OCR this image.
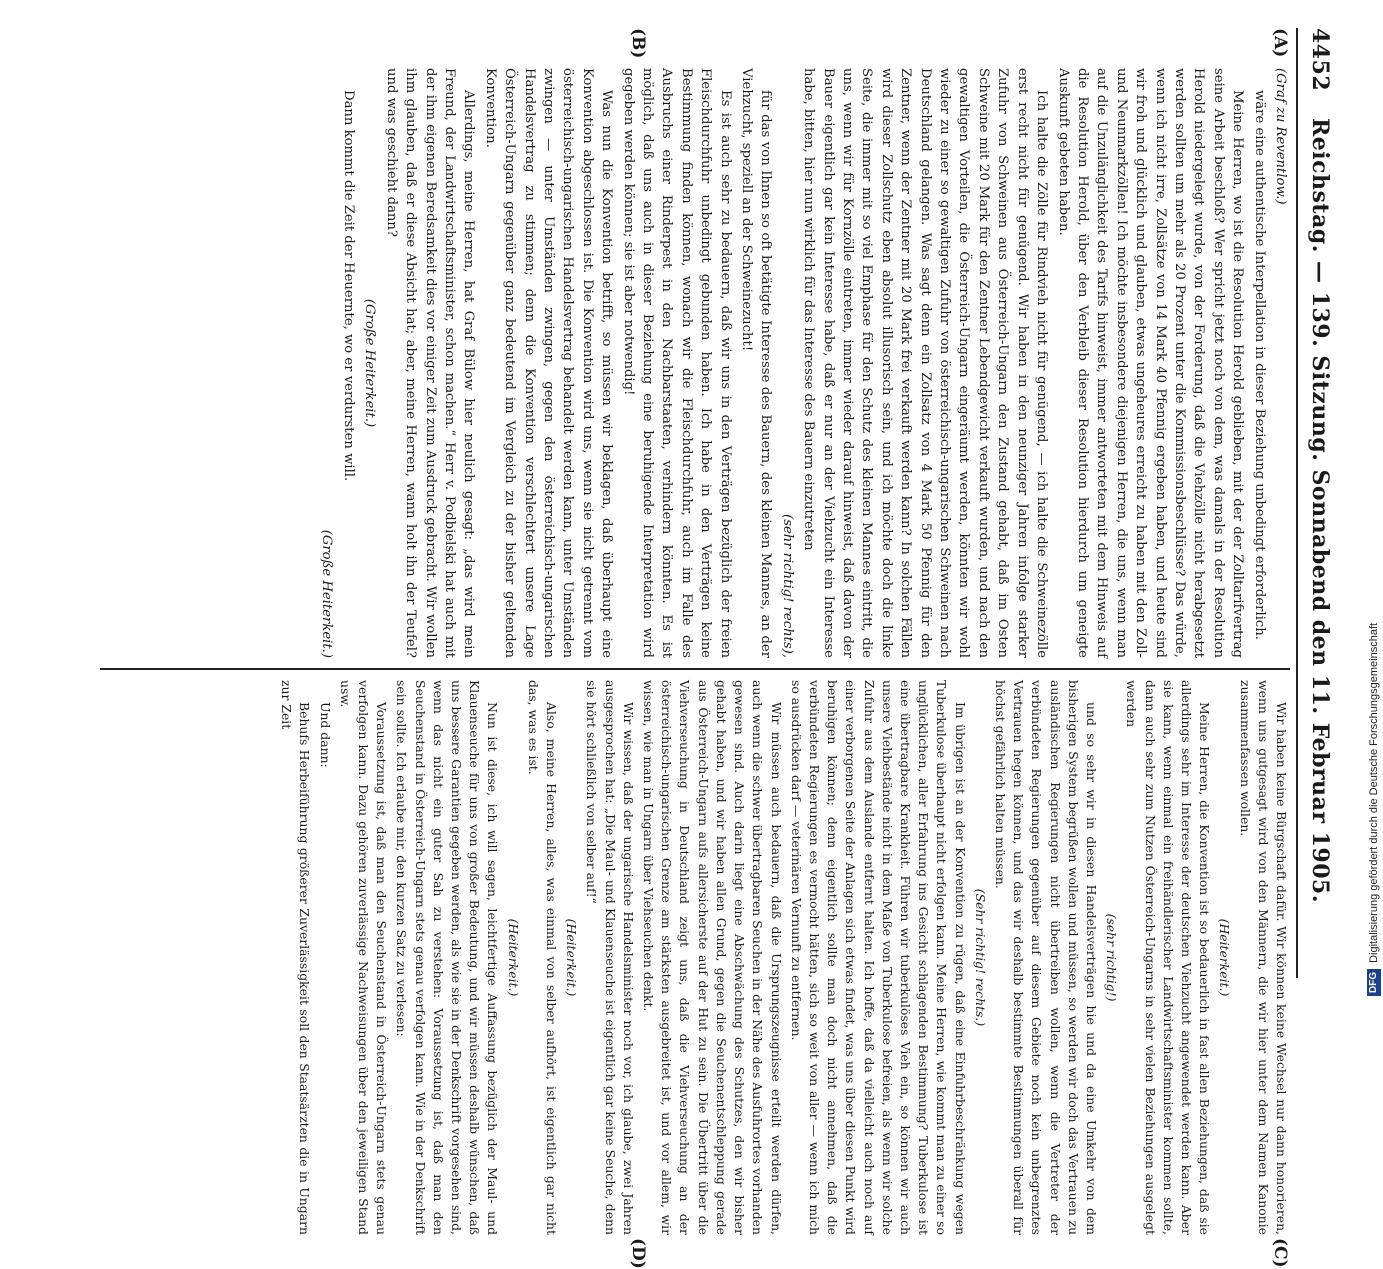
4452
Reichstag. — 139. Sitzung. Sonnabend den 11. Februar 1905.
(A)
(B)
(C)
(D)

(Graf zu Reventlow.)

wäre eine authentische Interpellation in dieser Beziehung unbedingt erforderlich.

Meine Herren, wo ist die Resolution Herold geblieben, mit der der Zolltarifvertrag seine Arbeit beschloß? Wer spricht jetzt noch von dem, was damals in der Resolution Herold niedergelegt wurde, von der Forderung, daß die Viehzölle nicht herabgesetzt werden sollten um mehr als 20 Prozent unter die Kommissionsbeschlüsse? Das würde, wenn ich nicht irre, Zollsätze von 14 Mark 40 Pfennig ergeben haben, und heute sind wir froh und glücklich und glauben, etwas ungeheures erreicht zu haben mit den Zoll- und Neunmarkzöllen! Ich möchte insbesondere diejenigen Herren, die uns, wenn man auf die Unzulänglichkeit des Tarifs hinweist, immer antworteten mit dem Hinweis auf die Resolution Herold, über den Verbleib dieser Resolution hierdurch um geneigte Auskunft gebeten haben.

Ich halte die Zölle für Rindvieh nicht für genügend, — ich halte die Schweinezölle erst recht nicht für genügend. Wir haben in den neunziger Jahren infolge starker Zufuhr von Schweinen aus Österreich-Ungarn den Zustand gehabt, daß im Osten Schweine mit 20 Mark für den Zentner Lebendgewicht verkauft wurden, und nach den gewaltigen Vorteilen, die Österreich-Ungarn eingeräumt werden, könnten wir wohl wieder zu einer so gewaltigen Zufuhr von österreichisch-ungarischen Schweinen nach Deutschland gelangen. Was sagt denn ein Zollsatz von 4 Mark 50 Pfennig für den Zentner, wenn der Zentner mit 20 Mark frei verkauft werden kann? In solchen Fällen wird dieser Zollschutz eben absolut illusorisch sein, und ich möchte doch die linke Seite, die immer mit so viel Emphase für den Schutz des kleinen Mannes eintritt, die uns, wenn wir für Kornzölle eintreten, immer wieder darauf hinweist, daß davon der Bauer eigentlich gar kein Interesse habe, daß er nur an der Viehzucht ein Interesse habe, bitten, hier nun wirklich für das Interesse des Bauern einzutreten

(sehr richtig! rechts),

für das von Ihnen so oft betätigte Interesse des Bauern, des kleinen Mannes, an der Viehzucht, speziell an der Schweinezucht!

Es ist auch sehr zu bedauern, daß wir uns in den Verträgen bezüglich der freien Fleischdurchfuhr unbedingt gebunden haben. Ich habe in den Verträgen keine Bestimmung finden können, wonach wir die Fleischdurchfuhr, auch im Falle des Ausbruchs einer Rinderpest in den Nachbarstaaten, verhindern könnten. Es ist möglich, daß uns auch in dieser Beziehung eine beruhigende Interpretation wird gegeben werden können; sie ist aber notwendig!

Was nun die Konvention betrifft, so müssen wir beklagen, daß überhaupt eine Konvention abgeschlossen ist. Die Konvention wird uns, wenn sie nicht getrennt vom österreichisch-ungarischen Handelsvertrag behandelt werden kann, unter Umständen zwingen — unter Umständen zwingen, gegen den österreichisch-ungarischen Handelsvertrag zu stimmen; denn die Konvention verschlechtert unsere Lage Österreich-Ungarn gegenüber ganz bedeutend im Vergleich zu der bisher geltenden Konvention.

Allerdings, meine Herren, hat Graf Bülow hier neulich gesagt: „das wird mein Freund, der Landwirtschaftsminister, schon machen.“ Herr v. Podbielski hat auch mit der ihm eigenen Beredsamkeit dies vor einiger Zeit zum Ausdruck gebracht. Wir wollen ihm glauben, daß er diese Absicht hat; aber, meine Herren, wann holt ihn der Teufel? und was geschieht dann?

(Große Heiterkeit.)

Dann kommt die Zeit der Heuernte, wo er verdursten will.

(Große Heiterkeit.)

Wir haben keine Bürgschaft dafür. Wir können keine Wechsel nur dann honorieren, wenn uns gutgesagt wird von den Männern, die wir hier unter dem Namen Kanonie zusammenfassen wollen.

(Heiterkeit.)

Meine Herren, die Konvention ist so bedauerlich in fast allen Beziehungen, daß sie allerdings sehr im Interesse der deutschen Viehzucht angewendet werden kann. Aber sie kann, wenn einmal ein freihändlerischer Landwirtschaftsminister kommen sollte, dann auch sehr zum Nutzen Österreich-Ungarns in sehr vielen Beziehungen ausgelegt werden

(sehr richtig!)

und so sehr wir in diesen Handelsverträgen hie und da eine Umkehr von dem bisherigen System begrüßen wollen und müssen, so werden wir doch das Vertrauen zu ausländischen Regierungen nicht übertreiben wollen, wenn die Vertreter der verbündeten Regierungen gegenüber auf diesem Gebiete noch kein unbegrenztes Vertrauen hegen können, und das wir deshalb bestimmte Bestimmungen überall für höchst gefährlich halten müssen.

(Sehr richtig! rechts.)

Im übrigen ist an der Konvention zu rügen, daß eine Einfuhrbeschränkung wegen Tuberkulose überhaupt nicht erfolgen kann. Meine Herren, wie kommt man zu einer so unglücklichen, aller Erfahrung ins Gesicht schlagenden Bestimmung? Tuberkulose ist eine übertragbare Krankheit. Führen wir tuberkulöses Vieh ein, so können wir auch unsere Viehbestände nicht in dem Maße von Tuberkulose befreien, als wenn wir solche Zufuhr aus dem Auslande entfernt halten. Ich hoffe, daß da vielleicht auch noch auf einer verborgenen Seite der Anlagen sich etwas findet, was uns über diesen Punkt wird beruhigen können; denn eigentlich sollte man doch nicht annehmen, daß die verbündeten Regierungen es vermocht hätten, sich so weit von aller — wenn ich mich so ausdrücken darf — veterinären Vernunft zu entfernen.

Wir müssen auch bedauern, daß die Ursprungszeugnisse erteilt werden dürfen, auch wenn die schwer übertragbaren Seuchen in der Nähe des Ausfuhrortes vorhanden gewesen sind. Auch darin liegt eine Abschwächung des Schutzes, den wir bisher gehabt haben, und wir haben allen Grund, gegen die Seuchenentschleppung gerade aus Österreich-Ungarn aufs allersicherste auf der Hut zu sein. Die Übertritt über die Viehverseuchung in Deutschland zeigt uns, daß die Viehverseuchung an der österreichisch-ungarischen Grenze am stärksten ausgebreitet ist, und vor allem, wir wissen, wie man in Ungarn über Viehseuchen denkt.

Wir wissen, daß der ungarische Handelsminister noch vor, ich glaube, zwei Jahren ausgesprochen hat: „Die Maul- und Klauenseuche ist eigentlich gar keine Seuche, denn sie hört schließlich von selber auf!“

(Heiterkeit.)

Also, meine Herren, alles, was einmal von selber aufhört, ist eigentlich gar nicht das, was es ist.

(Heiterkeit.)

Nun ist diese, ich will sagen, leichtfertige Auffassung bezüglich der Maul- und Klauenseuche für uns von großer Bedeutung, und wir müssen deshalb wünschen, daß uns bessere Garantien gegeben werden, als wie sie in der Denkschrift vorgesehen sind, wenn das nicht ein guter Sah zu verstehen: Voraussetzung ist, daß man den Seuchenstand in Österreich-Ungarn stets genau verfolgen kann. Wie in der Denkschrift sein sollte. Ich erlaube mir, den kurzen Satz zu verlesen:

Voraussetzung ist, daß man den Seuchenstand in Österreich-Ungarn stets genau verfolgen kann. Dazu gehören zuverlässige Nachweisungen über den jeweiligen Stand usw.

Und dann:

Behufs Herbeiführung größerer Zuverlässigkeit soll den Staatsärzten die in Ungarn zur Zeit

DFG
Digitalisierung gefördert durch die Deutsche Forschungsgemeinschaft
